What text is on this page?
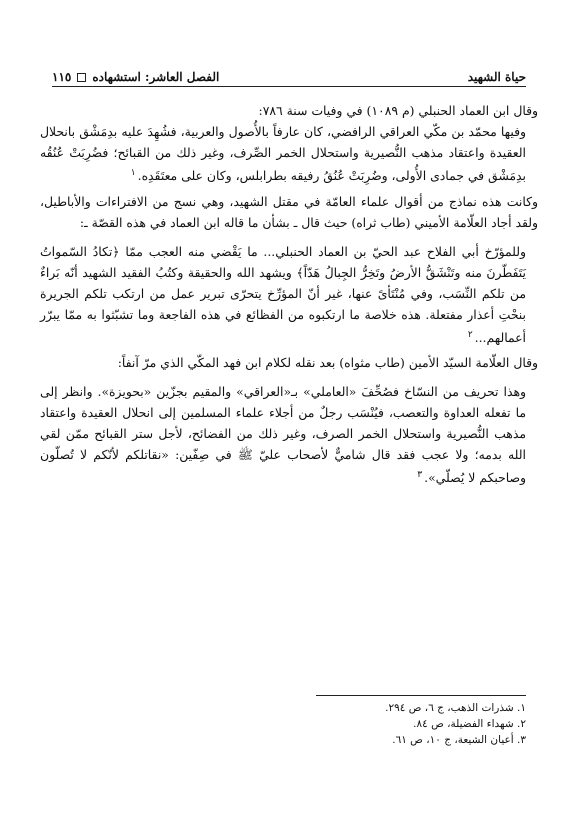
حياة الشهيد
الفصل العاشر: استشهاده
١١٥

وقال ابن العماد الحنبلي (م ١٠٨٩) في وفيات سنة ٧٨٦:

وفيها محمّد بن مكّي العراقي الرافضي، كان عارفاً بالأُصول والعربية، فشُهِدَ عليه بدِمَشْق بانحلال العقيدة واعتقاد مذهب النُّصيرية واستحلال الخمر الصِّرف، وغير ذلك من القبائح؛ فضُرِبَتْ عُنُقُه بدِمَشْق في جمادى الأُولى، وضُرِبَتْ عُنُقُ رفيقه بطرابلس، وكان على معتَقَدِه.$^١$

وكانت هذه نماذج من أقوال علماء العامّة في مقتل الشهيد، وهي نسج من الافتراءات والأباطيل، ولقد أجاد العلّامة الأميني (طاب ثراه) حيث قال ـ بشأن ما قاله ابن العماد في هذه القصّة ـ:

وللمؤرّخ أبي الفلاح عبد الحيّ بن العماد الحنبلي... ما يَقْضي منه العجب ممّا ﴿تكادُ السّمواتُ يَتَفَطّرنَ منه وتَنْشَقُّ الأرضُ وتَخِرُّ الجِبالُ هَدّاً﴾ ويشهد الله والحقيقة وكتُبُ الفقيد الشهيد أنّه بَراءٌ من تلكم النِّسَب، وفي مُنْتَأىً عنها، غير أنّ المؤرِّخ يتحرّى تبرير عمل من ارتكب تلكم الجريرة بنحْتِ أعذار مفتعلة. هذه خلاصة ما ارتكبوه من الفظائع في هذه الفاجعة وما تشبّثوا به ممّا يبرّر أعمالهم...$^٢$

وقال العلّامة السيّد الأمين (طاب مثواه) بعد نقله لكلام ابن فهد المكّي الذي مرّ آنفاً:

وهذا تحريف من النسّاخ فصُحِّفَ «العاملي» بـ«العراقي» والمقيم بجزّين «بحويزة». وانظر إلى ما تفعله العداوة والتعصب، فيُنْسَب رجلٌ من أجلاء علماء المسلمين إلى انحلال العقيدة واعتقاد مذهب النُّصيرية واستحلال الخمر الصرف، وغير ذلك من الفضائح، لأجل ستر القبائح ممّن لقي الله بدمه؛ ولا عجب فقد قال شاميٌّ لأصحاب عليّ ﷺ في صِفّين: «نقاتلكم لأنّكم لا تُصلّون وصاحبكم لا يُصلّي».$^٣$

١. شذرات الذهب، ج ٦، ص ٢٩٤.
٢. شهداء الفضيلة، ص ٨٤.
٣. أعيان الشيعة، ج ١٠، ص ٦١.
